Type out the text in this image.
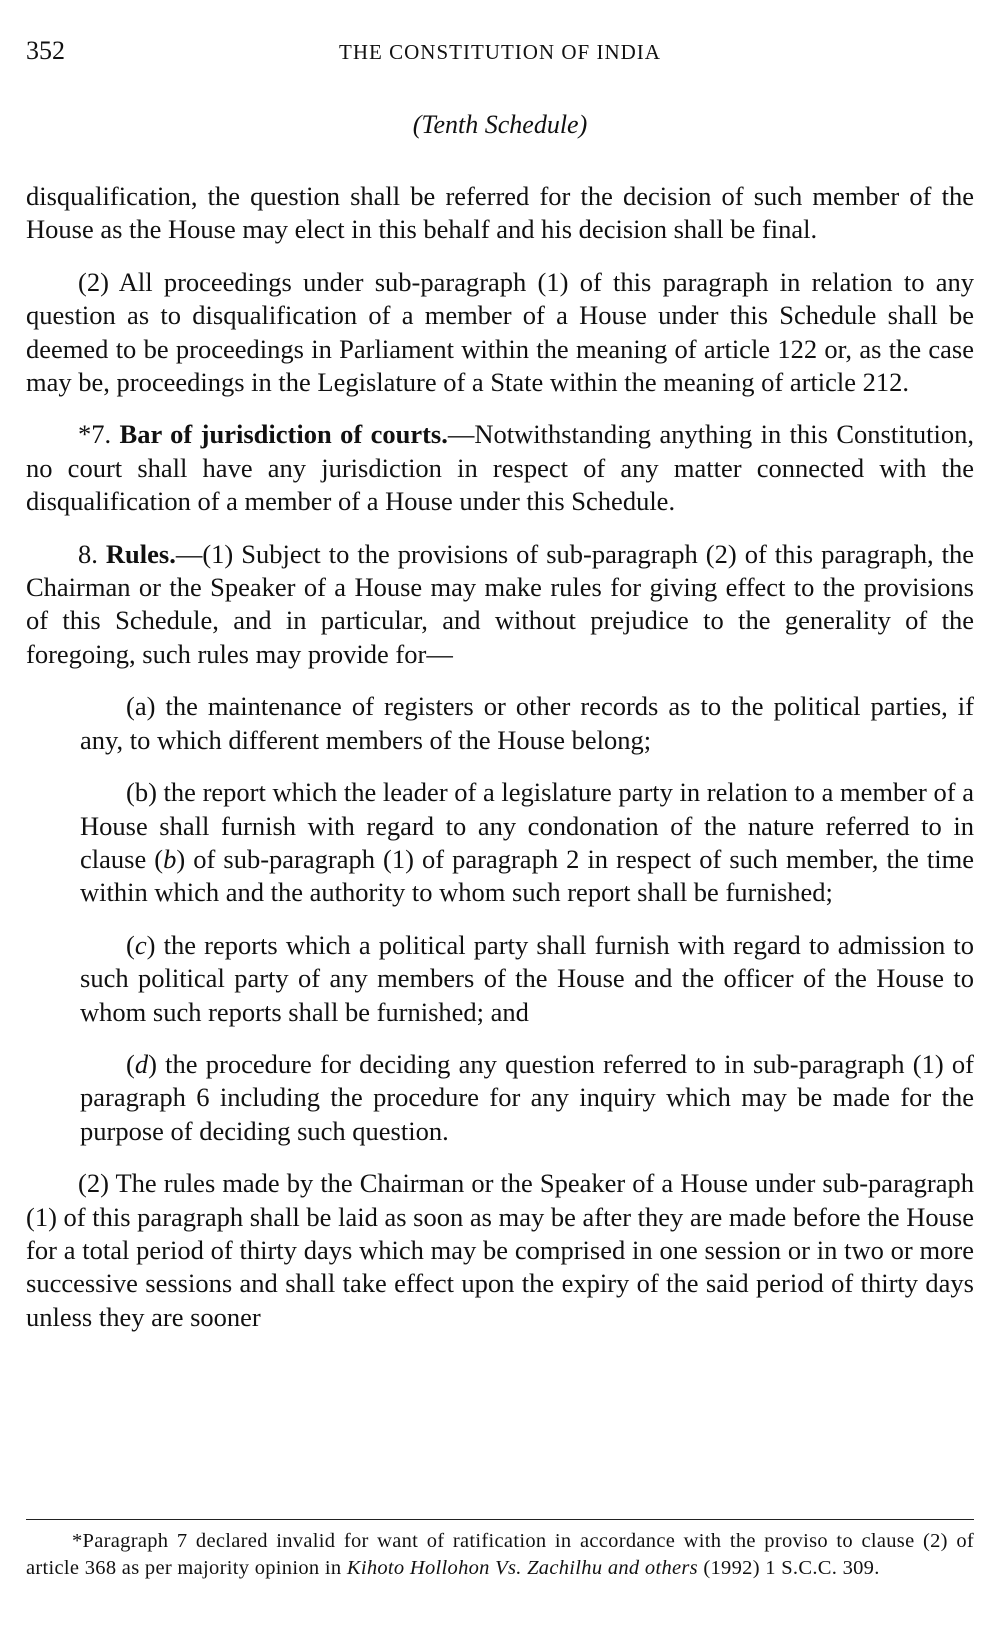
352	THE CONSTITUTION OF INDIA
(Tenth Schedule)

disqualification, the question shall be referred for the decision of such member of the House as the House may elect in this behalf and his decision shall be final.

(2) All proceedings under sub-paragraph (1) of this paragraph in relation to any question as to disqualification of a member of a House under this Schedule shall be deemed to be proceedings in Parliament within the meaning of article 122 or, as the case may be, proceedings in the Legislature of a State within the meaning of article 212.

*7. Bar of jurisdiction of courts.—Notwithstanding anything in this Constitution, no court shall have any jurisdiction in respect of any matter connected with the disqualification of a member of a House under this Schedule.

8. Rules.—(1) Subject to the provisions of sub-paragraph (2) of this paragraph, the Chairman or the Speaker of a House may make rules for giving effect to the provisions of this Schedule, and in particular, and without prejudice to the generality of the foregoing, such rules may provide for—

(a) the maintenance of registers or other records as to the political parties, if any, to which different members of the House belong;

(b) the report which the leader of a legislature party in relation to a member of a House shall furnish with regard to any condonation of the nature referred to in clause (b) of sub-paragraph (1) of paragraph 2 in respect of such member, the time within which and the authority to whom such report shall be furnished;

(c) the reports which a political party shall furnish with regard to admission to such political party of any members of the House and the officer of the House to whom such reports shall be furnished; and

(d) the procedure for deciding any question referred to in sub-paragraph (1) of paragraph 6 including the procedure for any inquiry which may be made for the purpose of deciding such question.

(2) The rules made by the Chairman or the Speaker of a House under sub-paragraph (1) of this paragraph shall be laid as soon as may be after they are made before the House for a total period of thirty days which may be comprised in one session or in two or more successive sessions and shall take effect upon the expiry of the said period of thirty days unless they are sooner

*Paragraph 7 declared invalid for want of ratification in accordance with the proviso to clause (2) of article 368 as per majority opinion in Kihoto Hollohon Vs. Zachilhu and others (1992) 1 S.C.C. 309.
